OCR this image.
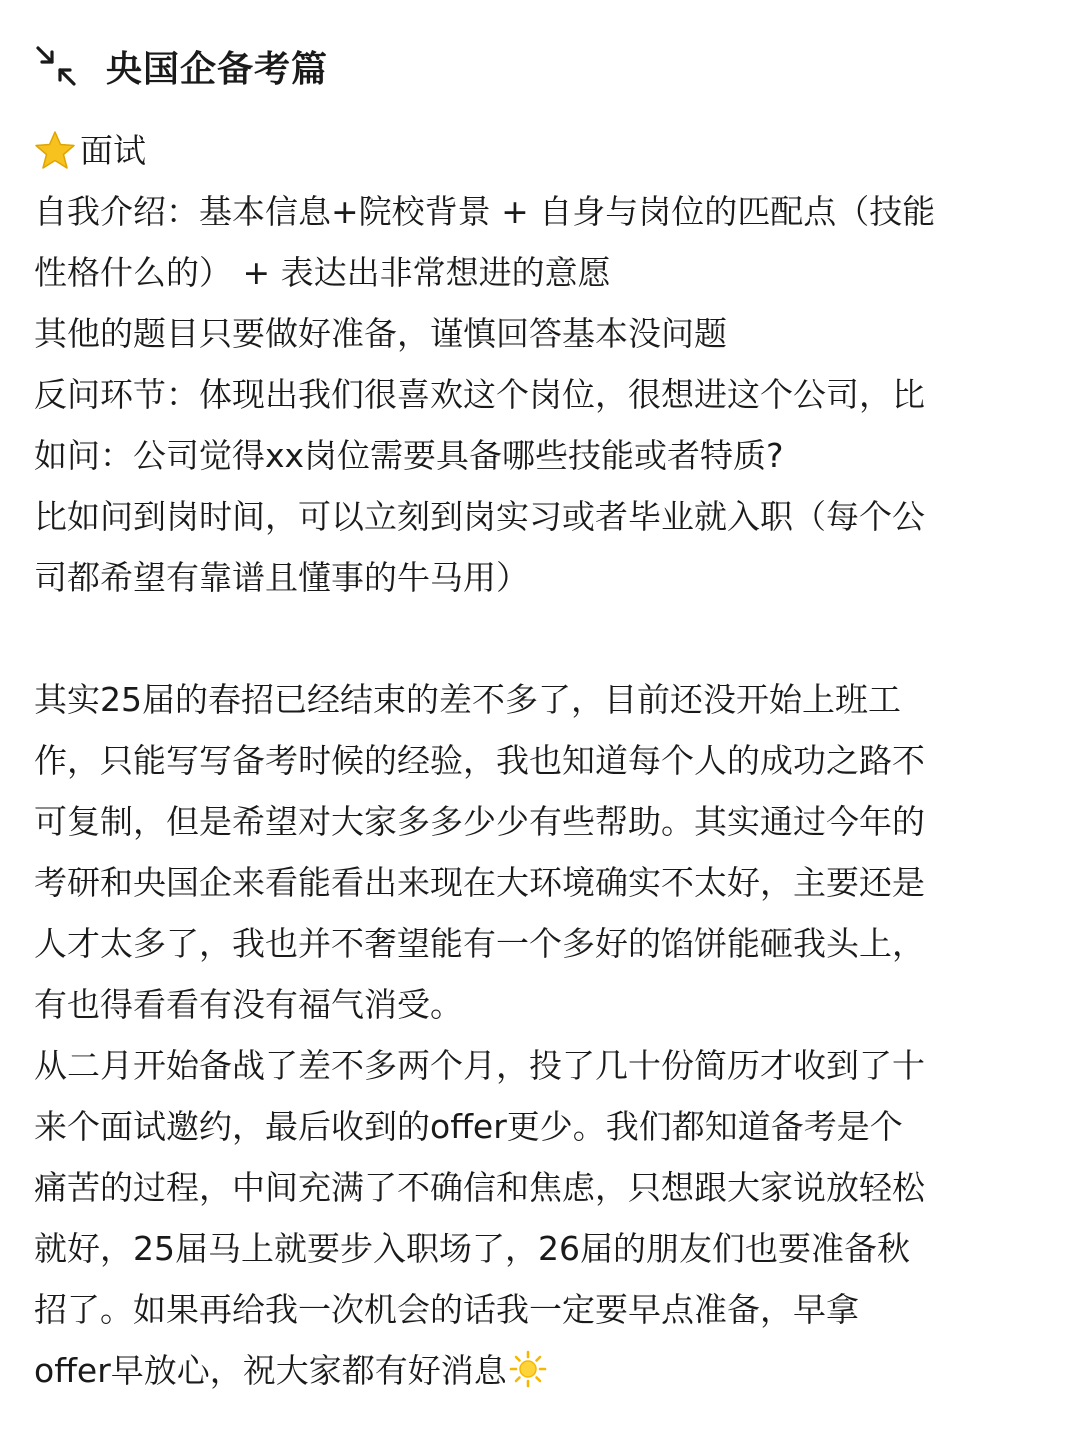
央国企备考篇
面试
自我介绍：基本信息+院校背景 + 自身与岗位的匹配点（技能
性格什么的） + 表达出非常想进的意愿
其他的题目只要做好准备，谨慎回答基本没问题
反问环节：体现出我们很喜欢这个岗位，很想进这个公司，比
如问：公司觉得xx岗位需要具备哪些技能或者特质?
比如问到岗时间，可以立刻到岗实习或者毕业就入职（每个公
司都希望有靠谱且懂事的牛马用）
其实25届的春招已经结束的差不多了，目前还没开始上班工
作，只能写写备考时候的经验，我也知道每个人的成功之路不
可复制，但是希望对大家多多少少有些帮助。其实通过今年的
考研和央国企来看能看出来现在大环境确实不太好，主要还是
人才太多了，我也并不奢望能有一个多好的馅饼能砸我头上，
有也得看看有没有福气消受。
从二月开始备战了差不多两个月，投了几十份简历才收到了十
来个面试邀约，最后收到的offer更少。我们都知道备考是个
痛苦的过程，中间充满了不确信和焦虑，只想跟大家说放轻松
就好，25届马上就要步入职场了，26届的朋友们也要准备秋
招了。如果再给我一次机会的话我一定要早点准备，早拿
offer早放心，祝大家都有好消息
